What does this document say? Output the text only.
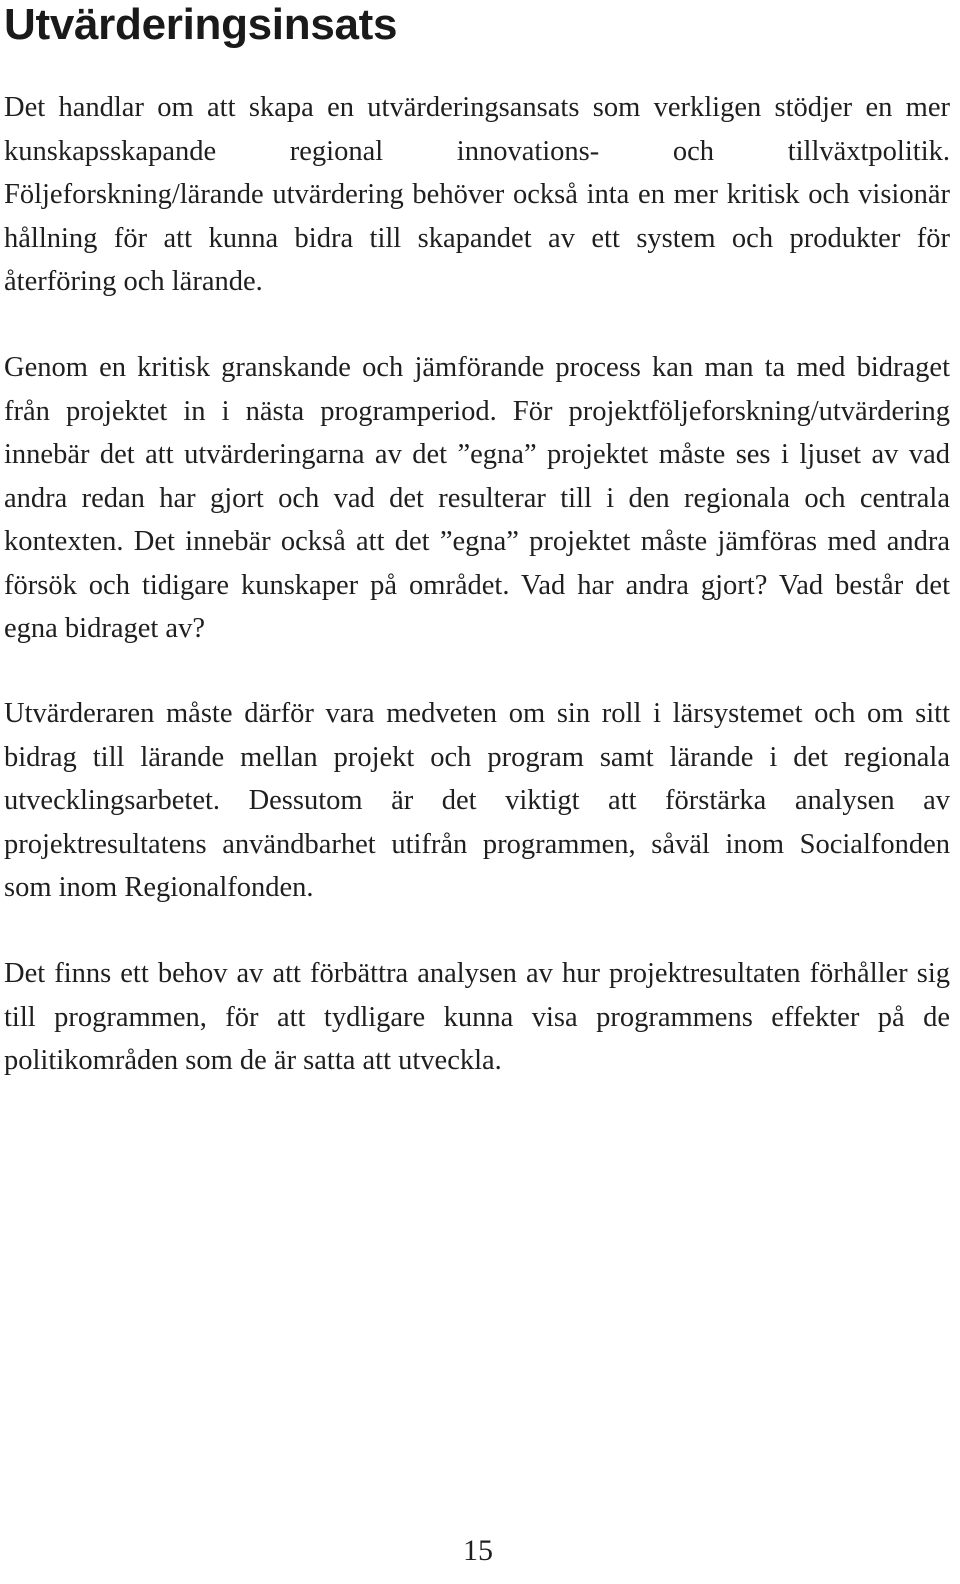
Utvärderingsinsats

Det handlar om att skapa en utvärderingsansats som verkligen stödjer en mer kunskapsskapande regional innovations- och tillväxtpolitik. Följeforskning/lärande utvärdering behöver också inta en mer kritisk och visionär hållning för att kunna bidra till skapandet av ett system och produkter för återföring och lärande.

Genom en kritisk granskande och jämförande process kan man ta med bidraget från projektet in i nästa programperiod. För projektföljeforskning/utvärdering innebär det att utvärderingarna av det ”egna” projektet måste ses i ljuset av vad andra redan har gjort och vad det resulterar till i den regionala och centrala kontexten. Det innebär också att det ”egna” projektet måste jämföras med andra försök och tidigare kunskaper på området. Vad har andra gjort? Vad består det egna bidraget av?

Utvärderaren måste därför vara medveten om sin roll i lärsystemet och om sitt bidrag till lärande mellan projekt och program samt lärande i det regionala utvecklingsarbetet. Dessutom är det viktigt att förstärka analysen av projektresultatens användbarhet utifrån programmen, såväl inom Socialfonden som inom Regionalfonden.

Det finns ett behov av att förbättra analysen av hur projektresultaten förhåller sig till programmen, för att tydligare kunna visa programmens effekter på de politikområden som de är satta att utveckla.

15
